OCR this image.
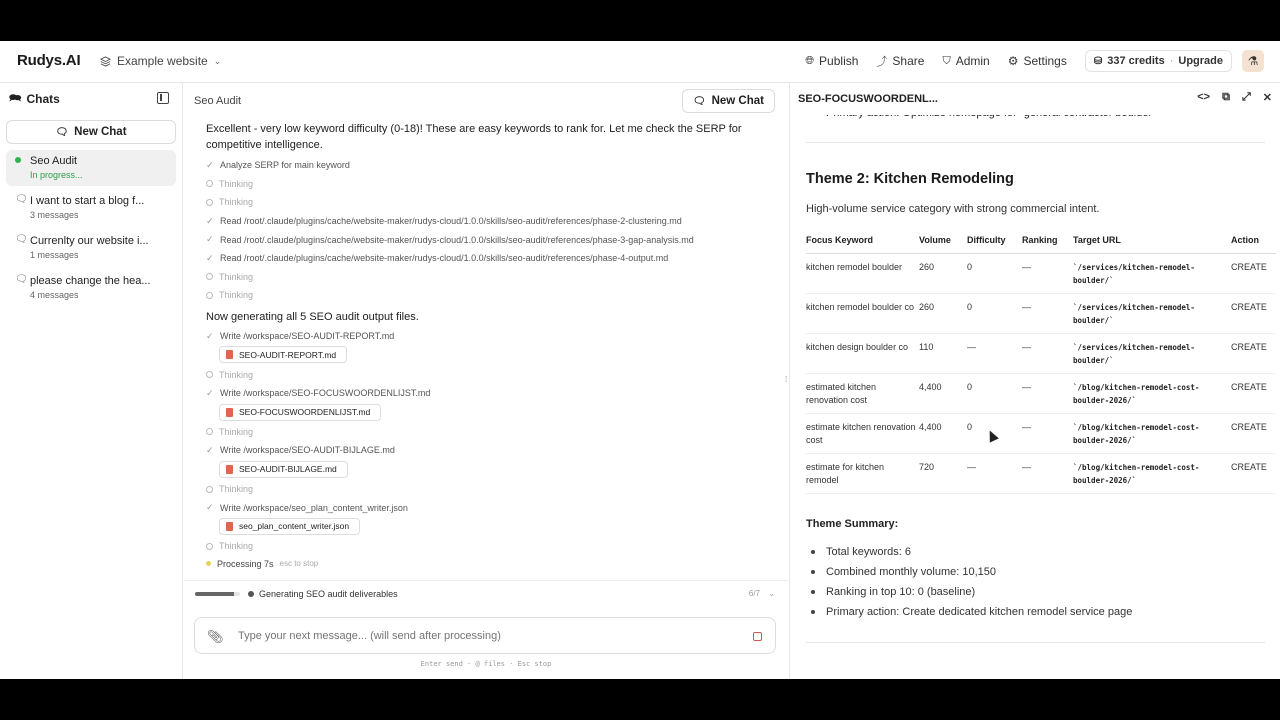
Rudys.AI	Example website ⌄	🌐︎ Publish ⤴ Share ⛉ Admin ⚙ Settings	⛁ 337 credits · Upgrade ⚗
🗪︎ Chats
🗨︎ New Chat
Seo Audit
In progress...
🗨︎ I want to start a blog f...
3 messages
🗨︎ Currenlty our website i...
1 messages
🗨︎ please change the hea...
4 messages
Seo Audit	🗨︎ New Chat
Excellent - very low keyword difficulty (0-18)! These are easy keywords to rank for. Let me check the SERP for competitive intelligence.
✓ Analyze SERP for main keyword
Thinking
Thinking
✓ Read /root/.claude/plugins/cache/website-maker/rudys-cloud/1.0.0/skills/seo-audit/references/phase-2-clustering.md
✓ Read /root/.claude/plugins/cache/website-maker/rudys-cloud/1.0.0/skills/seo-audit/references/phase-3-gap-analysis.md
✓ Read /root/.claude/plugins/cache/website-maker/rudys-cloud/1.0.0/skills/seo-audit/references/phase-4-output.md
Thinking
Thinking
Now generating all 5 SEO audit output files.
✓ Write /workspace/SEO-AUDIT-REPORT.md
SEO-AUDIT-REPORT.md
Thinking
✓ Write /workspace/SEO-FOCUSWOORDENLIJST.md
SEO-FOCUSWOORDENLIJST.md
Thinking
✓ Write /workspace/SEO-AUDIT-BIJLAGE.md
SEO-AUDIT-BIJLAGE.md
Thinking
✓ Write /workspace/seo_plan_content_writer.json
seo_plan_content_writer.json
Thinking
Processing 7s esc to stop
Generating SEO audit deliverables	6/7 ⌄
📎︎
Type your next message... (will send after processing)
Enter send · @ files · Esc stop
⁞
Theme 2: Kitchen Remodeling
High-volume service category with strong commercial intent.
Focus Keyword	Volume	Difficulty	Ranking	Target URL	Action
kitchen remodel boulder	260	0	—	`/services/kitchen-remodel-boulder/`	CREATE
kitchen remodel boulder co	260	0	—	`/services/kitchen-remodel-boulder/`	CREATE
kitchen design boulder co	110	—	—	`/services/kitchen-remodel-boulder/`	CREATE
estimated kitchen renovation cost	4,400	0	—	`/blog/kitchen-remodel-cost-boulder-2026/`	CREATE
estimate kitchen renovation cost	4,400	0	—	`/blog/kitchen-remodel-cost-boulder-2026/`	CREATE
estimate for kitchen remodel	720	—	—	`/blog/kitchen-remodel-cost-boulder-2026/`	CREATE
Theme Summary:
Total keywords: 6
Combined monthly volume: 10,150
Ranking in top 10: 0 (baseline)
Primary action: Create dedicated kitchen remodel service page
SEO-FOCUSWOORDENL...	<> ⧉ ⤢ ✕
